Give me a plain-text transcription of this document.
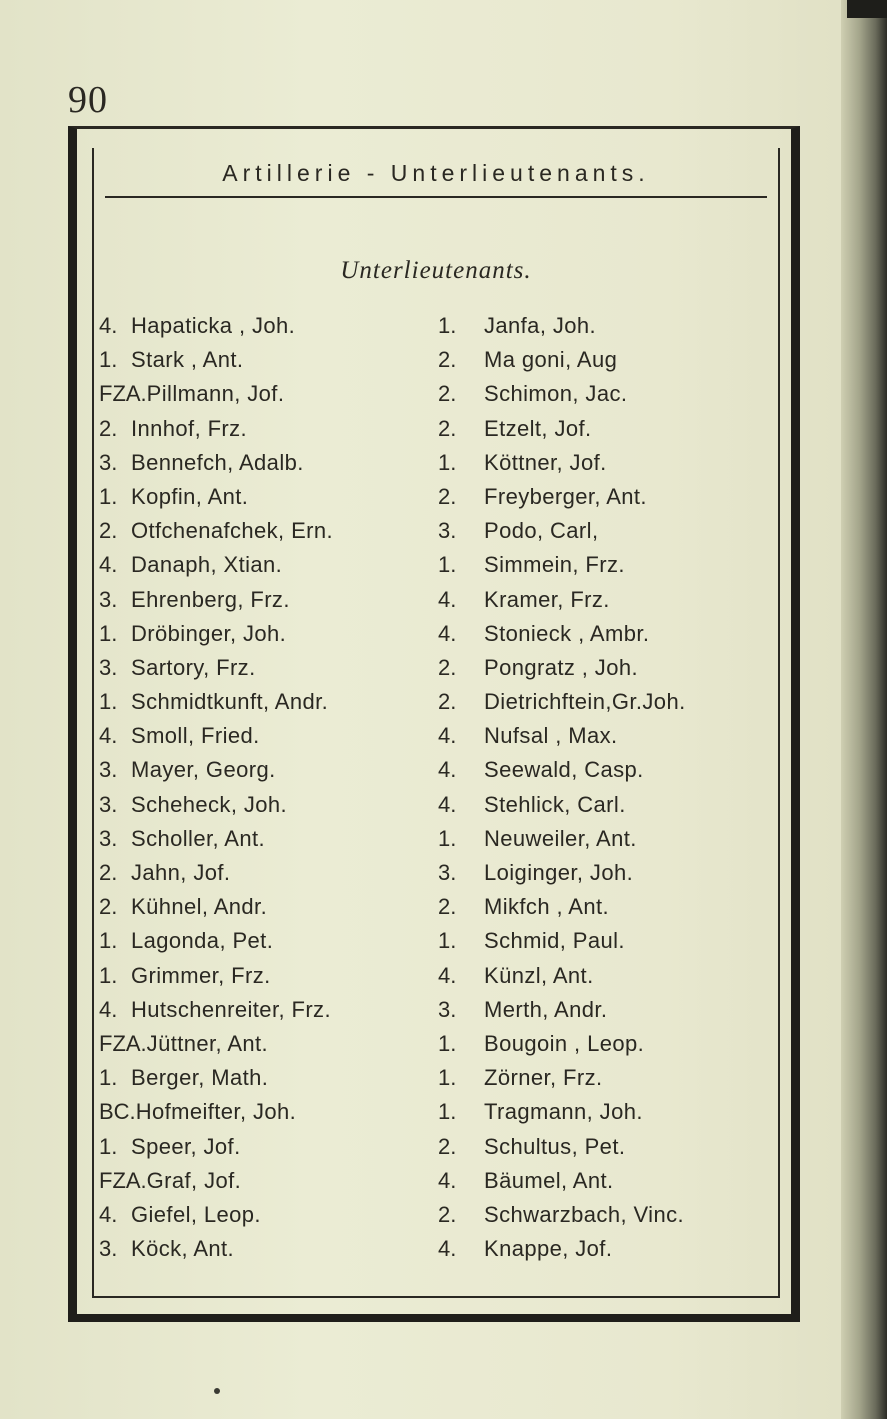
90
Artillerie - Unterlieutenants.
Unterlieutenants.
4. Hapaticka , Joh.
1. Stark , Ant.
FZA.Pillmann, Jof.
2. Innhof, Frz.
3. Bennefch, Adalb.
1. Kopfin, Ant.
2. Otfchenafchek, Ern.
4. Danaph, Xtian.
3. Ehrenberg, Frz.
1. Dröbinger, Joh.
3. Sartory, Frz.
1. Schmidtkunft, Andr.
4. Smoll, Fried.
3. Mayer, Georg.
3. Scheheck, Joh.
3. Scholler, Ant.
2. Jahn, Jof.
2. Kühnel, Andr.
1. Lagonda, Pet.
1. Grimmer, Frz.
4. Hutschenreiter, Frz.
FZA.Jüttner, Ant.
1. Berger, Math.
BC.Hofmeifter, Joh.
1. Speer, Jof.
FZA.Graf, Jof.
4. Giefel, Leop.
3. Köck, Ant.
1. Janfa, Joh.
2. Ma goni, Aug
2. Schimon, Jac.
2. Etzelt, Jof.
1. Köttner, Jof.
2. Freyberger, Ant.
3. Podo, Carl,
1. Simmein, Frz.
4. Kramer, Frz.
4. Stonieck , Ambr.
2. Pongratz , Joh.
2. Dietrichftein,Gr.Joh.
4. Nufsal , Max.
4. Seewald, Casp.
4. Stehlick, Carl.
1. Neuweiler, Ant.
3. Loiginger, Joh.
2. Mikfch , Ant.
1. Schmid, Paul.
4. Künzl, Ant.
3. Merth, Andr.
1. Bougoin , Leop.
1. Zörner, Frz.
1. Tragmann, Joh.
2. Schultus, Pet.
4. Bäumel, Ant.
2. Schwarzbach, Vinc.
4. Knappe, Jof.
